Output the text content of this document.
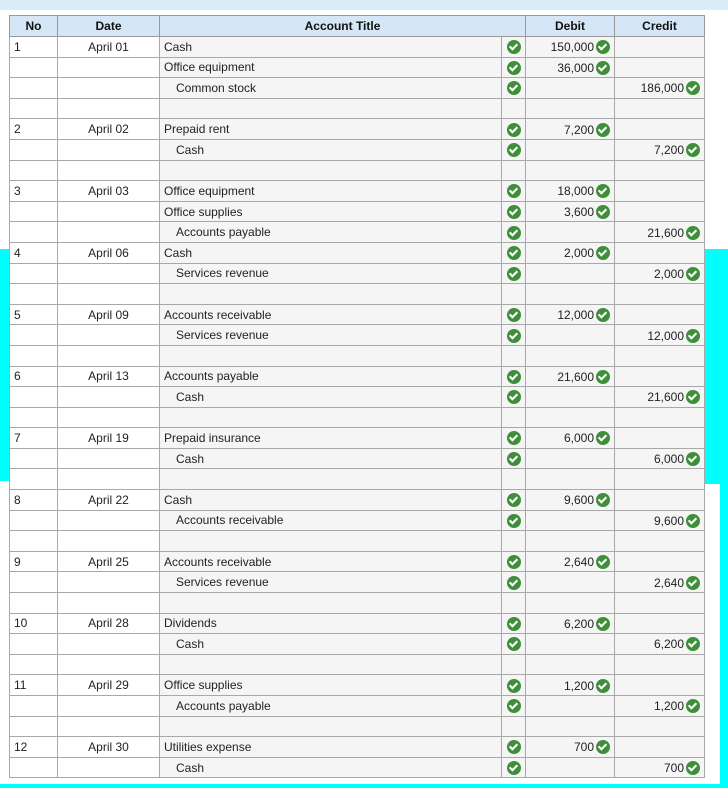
No	Date	Account Title		Debit	Credit
1	April 01	Cash		150,000	
		Office equipment		36,000	
		Common stock			186,000

2	April 02	Prepaid rent		7,200	
		Cash			7,200

3	April 03	Office equipment		18,000	
		Office supplies		3,600	
		Accounts payable			21,600
4	April 06	Cash		2,000	
		Services revenue			2,000

5	April 09	Accounts receivable		12,000	
		Services revenue			12,000

6	April 13	Accounts payable		21,600	
		Cash			21,600

7	April 19	Prepaid insurance		6,000	
		Cash			6,000

8	April 22	Cash		9,600	
		Accounts receivable			9,600

9	April 25	Accounts receivable		2,640	
		Services revenue			2,640

10	April 28	Dividends		6,200	
		Cash			6,200

11	April 29	Office supplies		1,200	
		Accounts payable			1,200

12	April 30	Utilities expense		700	
		Cash			700
